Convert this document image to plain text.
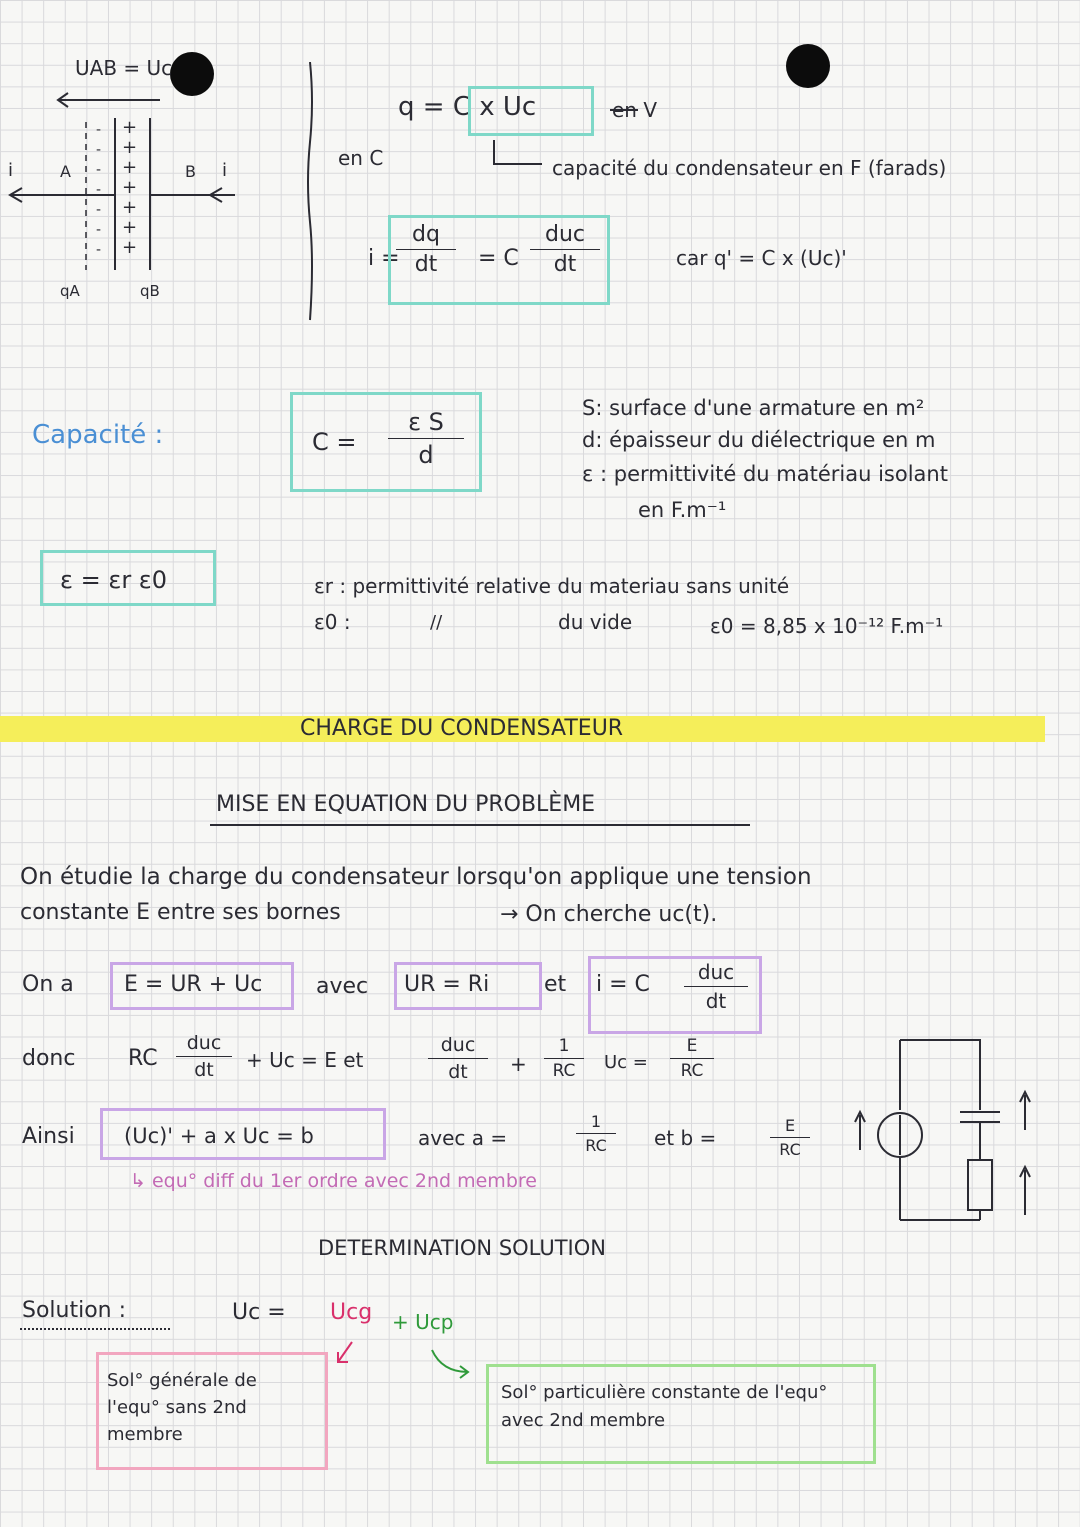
UAB = Uc
i	A	B i
-
-
-
-
-
-
-
+
+
+
+
+
+
+
qA	qB
q = C x Uc	en V
en C	capacité du condensateur en F (farads)
i =
dq
dt	= C
duc
dt	car q' = C x (Uc)'
Capacité :	C =
ε S
d
S: surface d'une armature en m²
d: épaisseur du diélectrique en m
ε : permittivité du matériau isolant
en F.m⁻¹
ε = εr ε0	εr : permittivité relative du materiau sans unité
ε0 :	//	du vide	ε0 = 8,85 x 10⁻¹² F.m⁻¹
CHARGE DU CONDENSATEUR
MISE EN EQUATION DU PROBLÈME
On étudie la charge du condensateur lorsqu'on applique une tension
constante E entre ses bornes	→ On cherche uc(t).
On a E = UR + Uc avec UR = Ri et i = C	duc
dt
donc RC
duc
dt	+ Uc = E et
duc
dt	+
1
RC	Uc =
E
RC
Ainsi (Uc)' + a x Uc = b	avec a =
1
RC	et b =
E
RC
↳ equ° diff du 1er ordre avec 2nd membre
DETERMINATION SOLUTION
Solution :	Uc = Ucg + Ucp
Sol° générale de l'equ° sans 2nd membre
Sol° particulière constante de l'equ° avec 2nd membre
